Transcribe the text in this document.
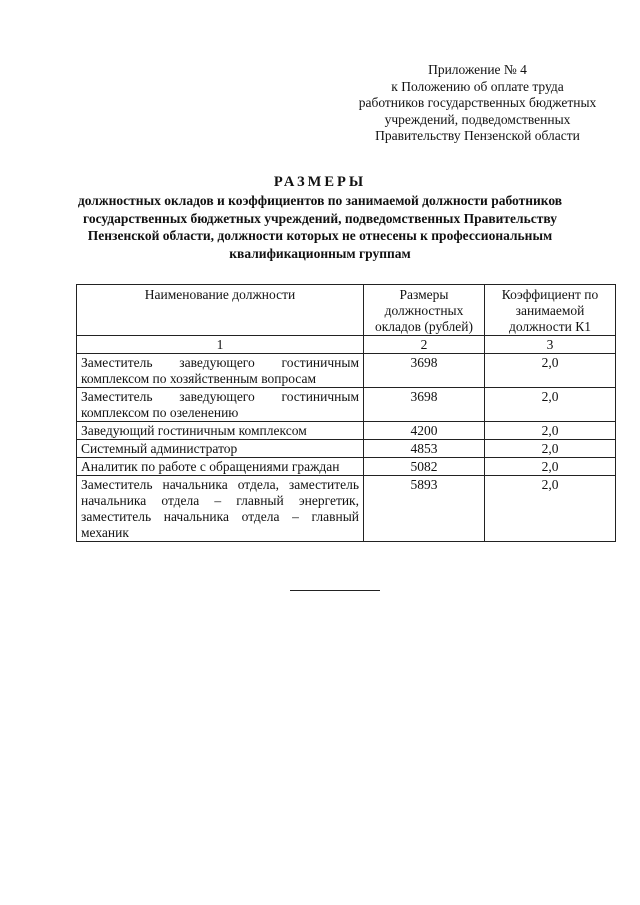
Приложение № 4
к Положению об оплате труда
работников государственных бюджетных
учреждений, подведомственных
Правительству Пензенской области
РАЗМЕРЫ
должностных окладов и коэффициентов по занимаемой должности работников государственных бюджетных учреждений, подведомственных Правительству Пензенской области, должности которых не отнесены к профессиональным квалификационным группам
Наименование должности	Размеры должностных окладов (рублей)	Коэффициент по занимаемой должности К1
1	2	3
Заместитель заведующего гостиничным комплексом по хозяйственным вопросам	3698	2,0
Заместитель заведующего гостиничным комплексом по озеленению	3698	2,0
Заведующий гостиничным комплексом	4200	2,0
Системный администратор	4853	2,0
Аналитик по работе с обращениями граждан	5082	2,0
Заместитель начальника отдела, заместитель начальника отдела – главный энергетик, заместитель начальника отдела – главный механик	5893	2,0
